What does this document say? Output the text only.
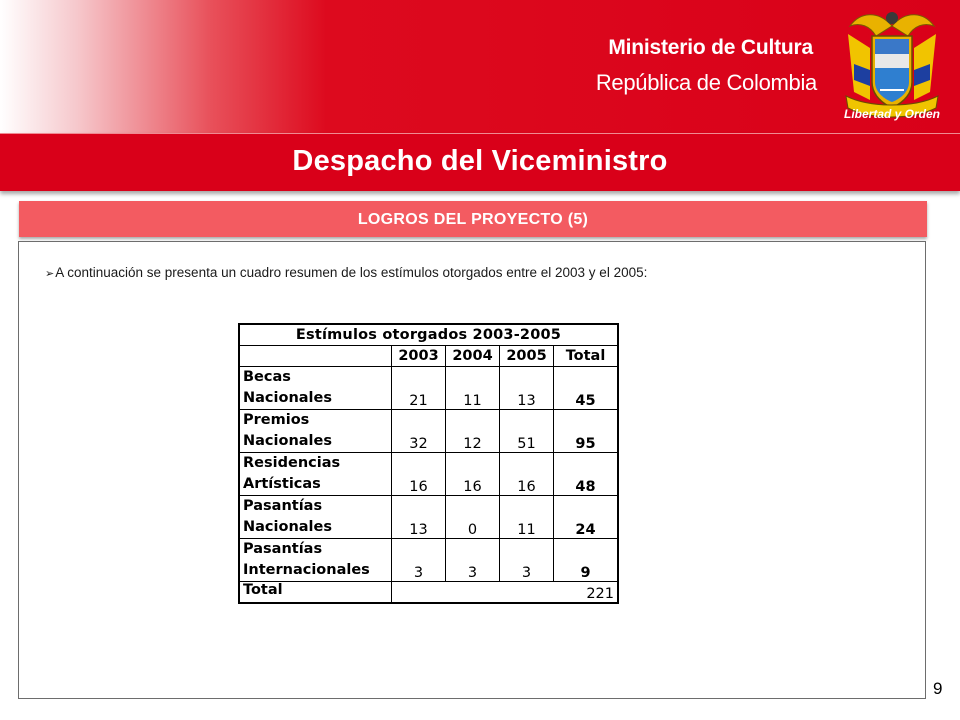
Ministerio de Cultura
República de Colombia
Libertad y Orden
Despacho del Viceministro
LOGROS DEL PROYECTO (5)
➢A continuación se presenta un cuadro resumen de los estímulos otorgados entre el 2003 y el 2005:
Estímulos otorgados 2003-2005				
	2003	2004	2005	Total
Becas
Nacionales	21	11	13	45
Premios
Nacionales	32	12	51	95
Residencias
Artísticas	16	16	16	48
Pasantías
Nacionales	13	0	11	24
Pasantías
Internacionales	3	3	3	9
Total	221			
9
